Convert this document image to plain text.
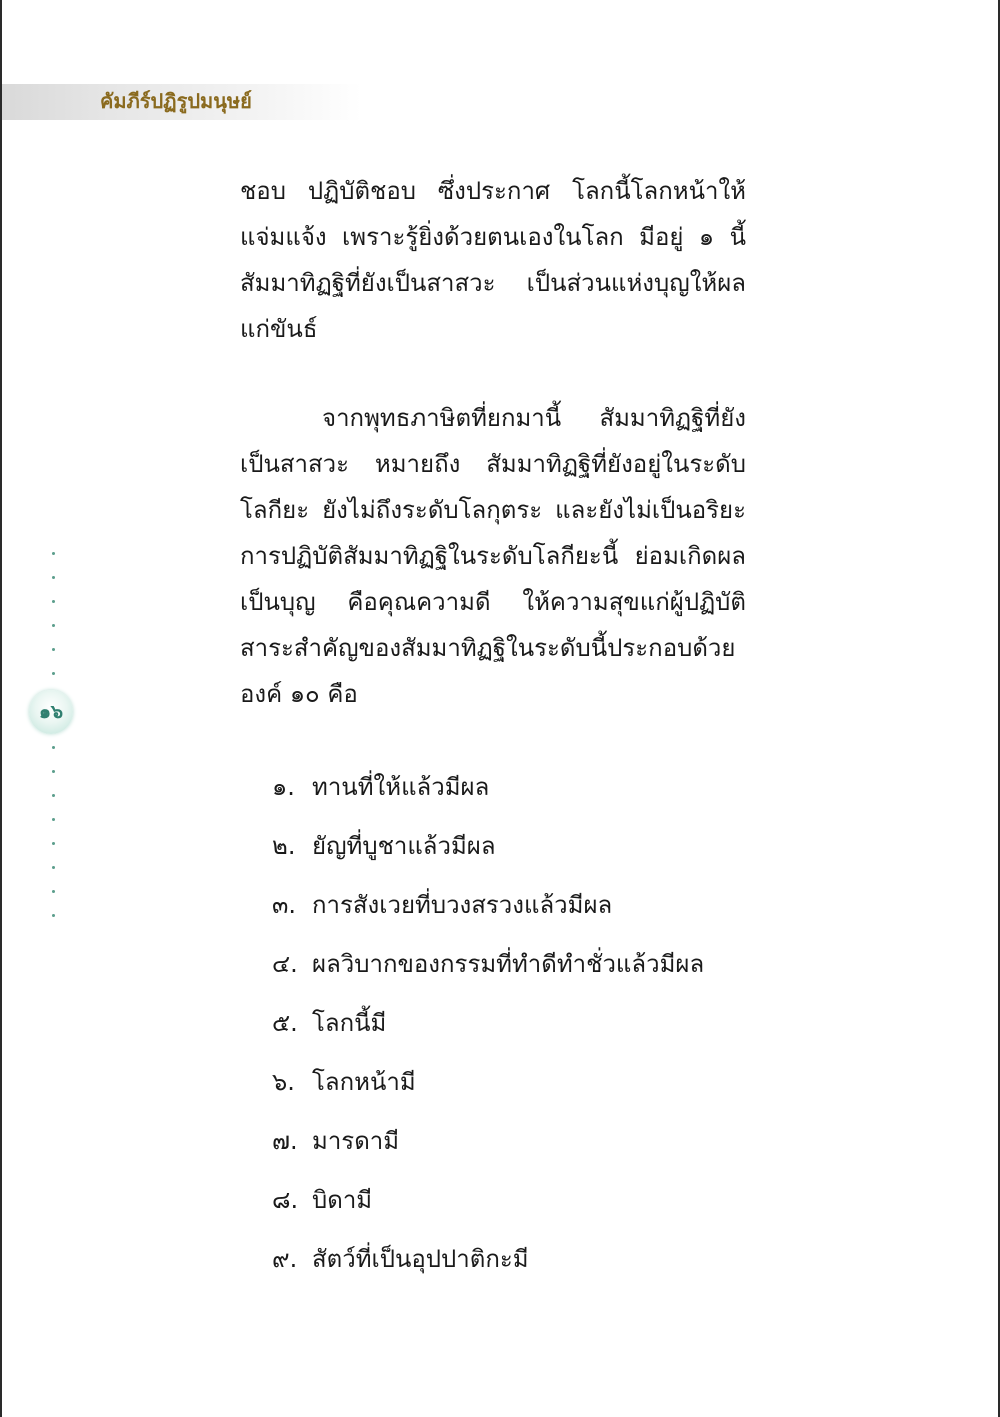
คัมภีร์ปฏิรูปมนุษย์
ชอบ ปฏิบัติชอบ ซึ่งประกาศ โลกนี้โลกหน้าให้แจ่มแจ้ง เพราะรู้ยิ่งด้วยตนเองในโลก มีอยู่ ๑ นี้สัมมาทิฏฐิที่ยังเป็นสาสวะ เป็นส่วนแห่งบุญให้ผลแก่ขันธ์
จากพุทธภาษิตที่ยกมานี้ สัมมาทิฏฐิที่ยังเป็นสาสวะ หมายถึง สัมมาทิฏฐิที่ยังอยู่ในระดับโลกียะ ยังไม่ถึงระดับโลกุตระ และยังไม่เป็นอริยะ การปฏิบัติสัมมาทิฏฐิในระดับโลกียะนี้ ย่อมเกิดผลเป็นบุญ คือคุณความดี ให้ความสุขแก่ผู้ปฏิบัติ สาระสำคัญของสัมมาทิฏฐิในระดับนี้ประกอบด้วยองค์ ๑๐ คือ
๑. ทานที่ให้แล้วมีผล
๒. ยัญที่บูชาแล้วมีผล
๓. การสังเวยที่บวงสรวงแล้วมีผล
๔. ผลวิบากของกรรมที่ทำดีทำชั่วแล้วมีผล
๕. โลกนี้มี
๖. โลกหน้ามี
๗. มารดามี
๘. บิดามี
๙. สัตว์ที่เป็นอุปปาติกะมี
๑๖
